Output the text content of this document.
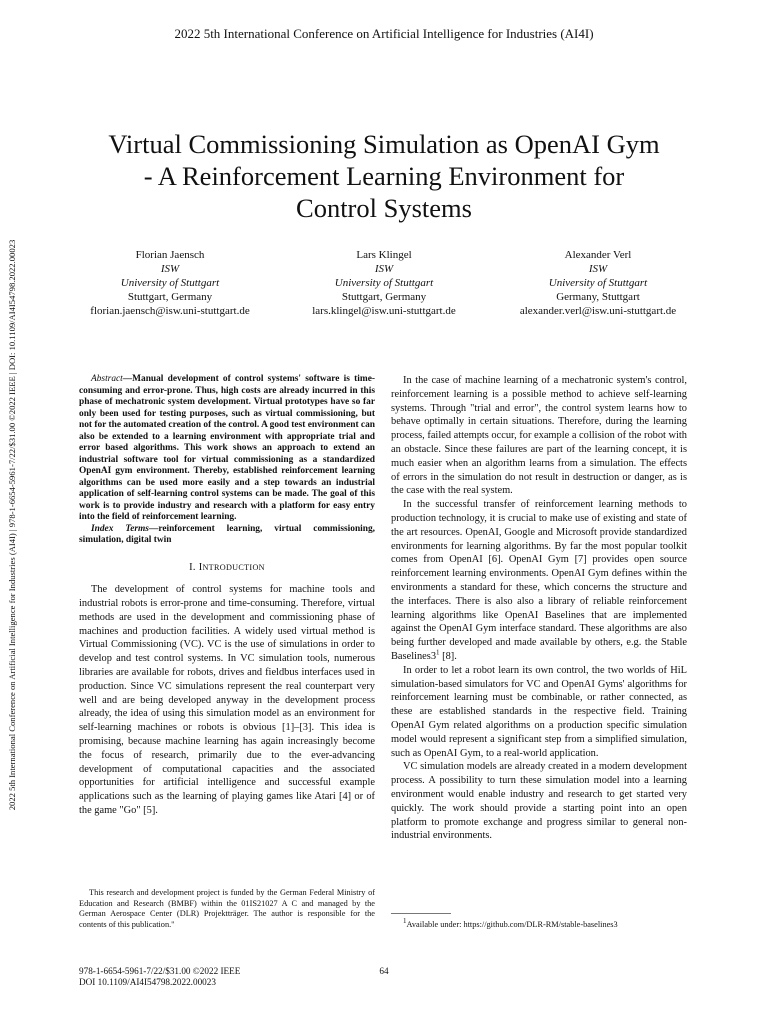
2022 5th International Conference on Artificial Intelligence for Industries (AI4I)
2022 5th International Conference on Artificial Intelligence for Industries (AI4I) | 978-1-6654-5961-7/22/$31.00 ©2022 IEEE | DOI: 10.1109/AI4I54798.2022.00023
Virtual Commissioning Simulation as OpenAI Gym
- A Reinforcement Learning Environment for
Control Systems
Florian Jaensch
ISW
University of Stuttgart
Stuttgart, Germany
florian.jaensch@isw.uni-stuttgart.de
Lars Klingel
ISW
University of Stuttgart
Stuttgart, Germany
lars.klingel@isw.uni-stuttgart.de
Alexander Verl
ISW
University of Stuttgart
Germany, Stuttgart
alexander.verl@isw.uni-stuttgart.de

Abstract—Manual development of control systems' software is time-consuming and error-prone. Thus, high costs are already incurred in this phase of mechatronic system development. Virtual prototypes have so far only been used for testing purposes, such as virtual commissioning, but not for the automated creation of the control. A good test environment can also be extended to a learning environment with appropriate trial and error based algorithms. This work shows an approach to extend an industrial software tool for virtual commissioning as a standardized OpenAI gym environment. Thereby, established reinforcement learning algorithms can be used more easily and a step towards an industrial application of self-learning control systems can be made. The goal of this work is to provide industry and research with a platform for easy entry into the field of reinforcement learning.

Index Terms—reinforcement learning, virtual commissioning, simulation, digital twin

I. INTRODUCTION

The development of control systems for machine tools and industrial robots is error-prone and time-consuming. Therefore, virtual methods are used in the development and commissioning phase of machines and production facilities. A widely used virtual method is Virtual Commissioning (VC). VC is the use of simulations in order to develop and test control systems. In VC simulation tools, numerous libraries are available for robots, drives and fieldbus interfaces used in production. Since VC simulations represent the real counterpart very well and are being developed anyway in the development process already, the idea of using this simulation model as an environment for self-learning machines or robots is obvious [1]–[3]. This idea is promising, because machine learning has again increasingly become the focus of research, primarily due to the ever-advancing development of computational capacities and the associated opportunities for artificial intelligence and successful example applications such as the learning of playing games like Atari [4] or of the game "Go" [5].

This research and development project is funded by the German Federal Ministry of Education and Research (BMBF) within the 01IS21027 A C and managed by the German Aerospace Center (DLR) Projektträger. The author is responsible for the contents of this publication."

In the case of machine learning of a mechatronic system's control, reinforcement learning is a possible method to achieve self-learning systems. Through "trial and error", the control system learns how to behave optimally in certain situations. Therefore, during the learning process, failed attempts occur, for example a collision of the robot with an obstacle. Since these failures are part of the learning concept, it is much easier when an algorithm learns from a simulation. The effects of errors in the simulation do not result in destruction or danger, as is the case with the real system.

In the successful transfer of reinforcement learning methods to production technology, it is crucial to make use of existing and state of the art resources. OpenAI, Google and Microsoft provide standardized environments for learning algorithms. By far the most popular toolkit comes from OpenAI [6]. OpenAI Gym [7] provides open source reinforcement learning environments. OpenAI Gym defines within the environments a standard for these, which concerns the structure and the interfaces. There is also also a library of reliable reinforcement learning algorithms like OpenAI Baselines that are implemented against the OpenAI Gym interface standard. These algorithms are also being further developed and made available by others, e.g. the Stable $Baselines3^1$ [8].

In order to let a robot learn its own control, the two worlds of HiL simulation-based simulators for VC and OpenAI Gyms' algorithms for reinforcement learning must be combinable, or rather connected, as these are established standards in the respective field. Training OpenAI Gym related algorithms on a production specific simulation model would represent a significant step from a simplified simulation, such as OpenAI Gym, to a real-world application.

VC simulation models are already created in a modern development process. A possibility to turn these simulation model into a learning environment would enable industry and research to get started very quickly. The work should provide a starting point into an open platform to promote exchange and progress similar to general non-industrial environments.

$^1$Available under: https://github.com/DLR-RM/stable-baselines3
978-1-6654-5961-7/22/$31.00 ©2022 IEEE
DOI 10.1109/AI4I54798.2022.00023
64
